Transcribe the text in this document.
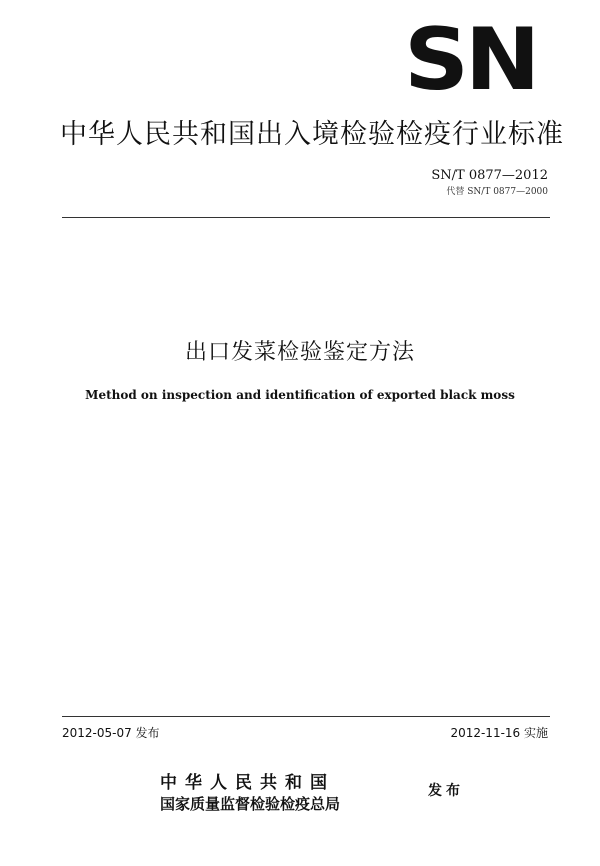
SN
中华人民共和国出入境检验检疫行业标准
SN/T 0877—2012
代替 SN/T 0877—2000
出口发菜检验鉴定方法
Method on inspection and identification of exported black moss
2012-05-07 发布	2012-11-16 实施
中华人民共和国
国家质量监督检验检疫总局
发布
